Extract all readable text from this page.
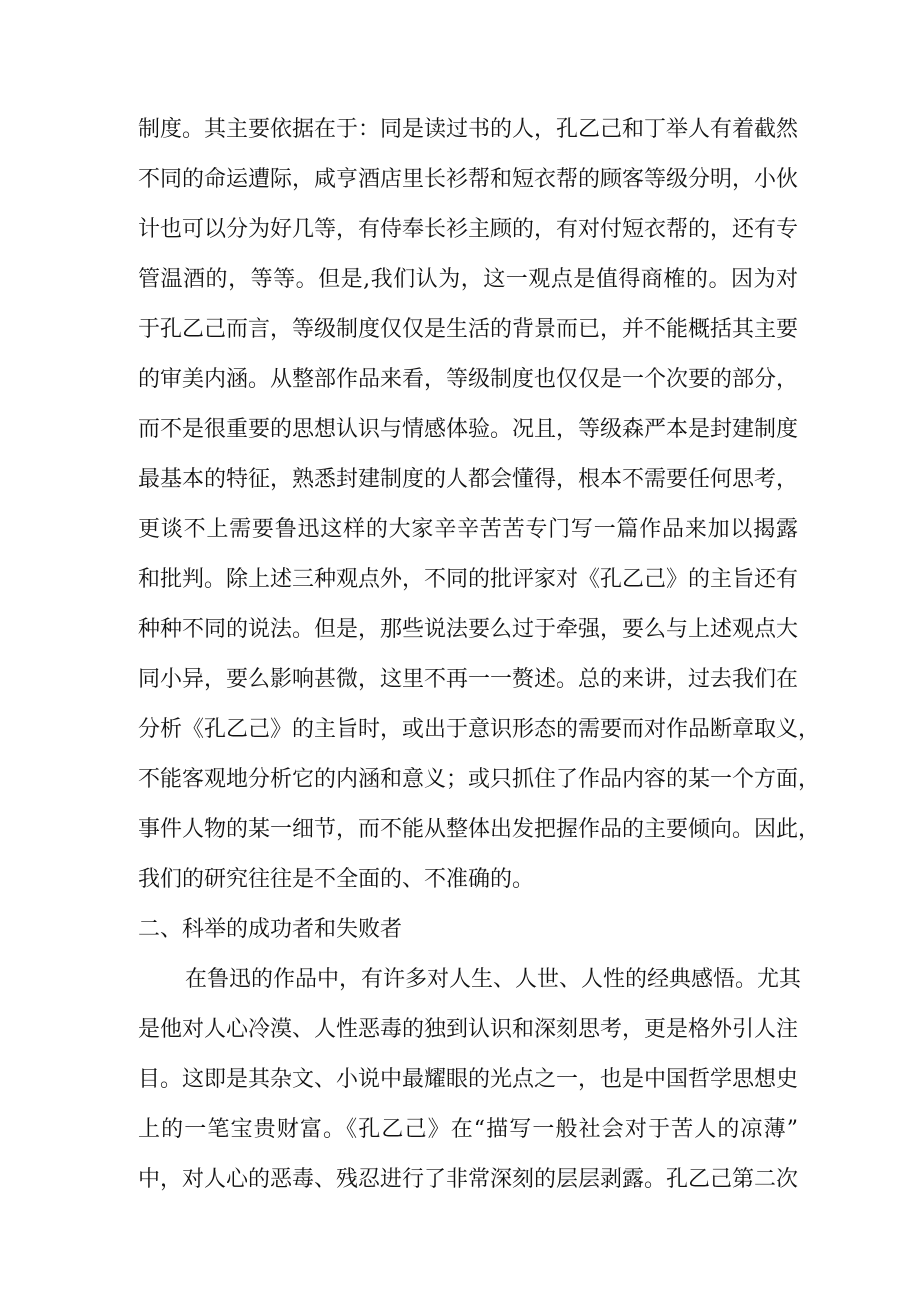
制度。其主要依据在于：同是读过书的人，孔乙己和丁举人有着截然
不同的命运遭际，咸亨酒店里长衫帮和短衣帮的顾客等级分明，小伙
计也可以分为好几等，有侍奉长衫主顾的，有对付短衣帮的，还有专
管温酒的，等等。但是,我们认为，这一观点是值得商榷的。因为对
于孔乙己而言，等级制度仅仅是生活的背景而已，并不能概括其主要
的审美内涵。从整部作品来看，等级制度也仅仅是一个次要的部分，
而不是很重要的思想认识与情感体验。况且，等级森严本是封建制度
最基本的特征，熟悉封建制度的人都会懂得，根本不需要任何思考，
更谈不上需要鲁迅这样的大家辛辛苦苦专门写一篇作品来加以揭露
和批判。除上述三种观点外，不同的批评家对《孔乙己》的主旨还有
种种不同的说法。但是，那些说法要么过于牵强，要么与上述观点大
同小异，要么影响甚微，这里不再一一赘述。总的来讲，过去我们在
分析《孔乙己》的主旨时，或出于意识形态的需要而对作品断章取义，
不能客观地分析它的内涵和意义；或只抓住了作品内容的某一个方面，
事件人物的某一细节，而不能从整体出发把握作品的主要倾向。因此，
我们的研究往往是不全面的、不准确的。
二、科举的成功者和失败者
在鲁迅的作品中，有许多对人生、人世、人性的经典感悟。尤其
是他对人心冷漠、人性恶毒的独到认识和深刻思考，更是格外引人注
目。这即是其杂文、小说中最耀眼的光点之一，也是中国哲学思想史
上的一笔宝贵财富。《孔乙己》在“描写一般社会对于苦人的凉薄”
中，对人心的恶毒、残忍进行了非常深刻的层层剥露。孔乙己第二次
